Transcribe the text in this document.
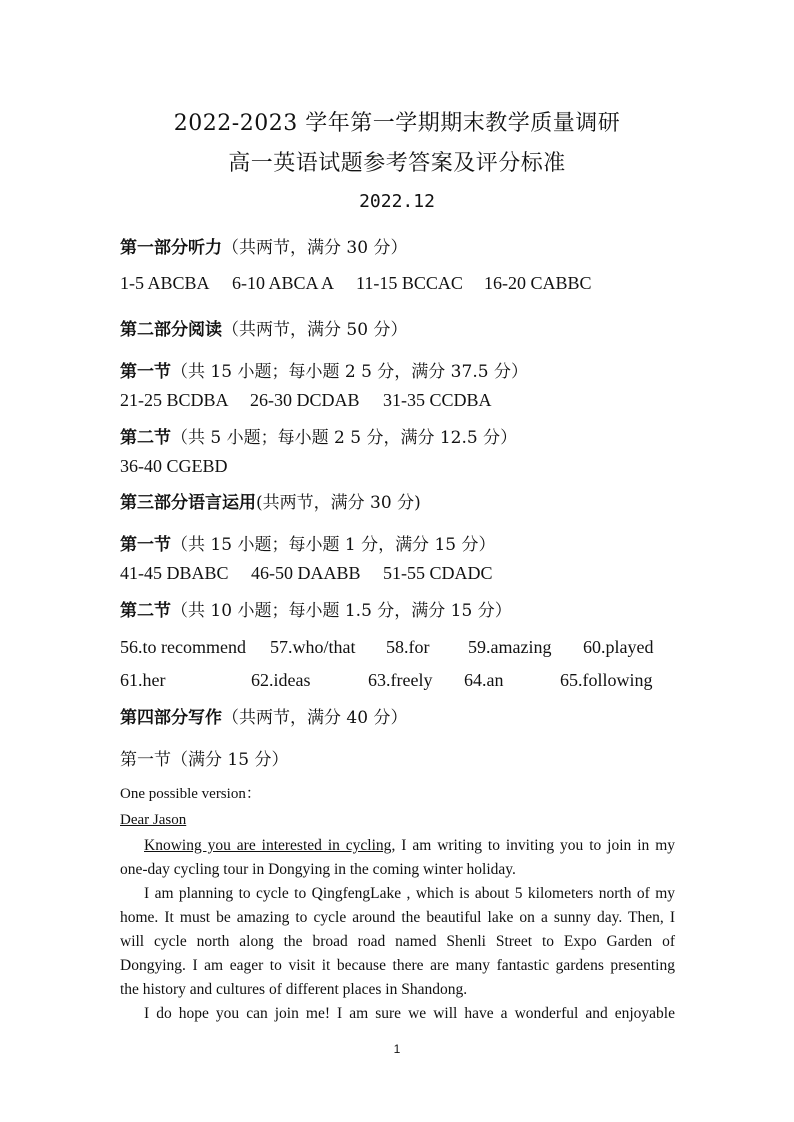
2022-2023 学年第一学期期末教学质量调研
高一英语试题参考答案及评分标准
2022.12
第一部分听力（共两节，满分 30 分）
1-5 ABCBA 6-10 ABCA A 11-15 BCCAC 16-20 CABBC
第二部分阅读（共两节，满分 50 分）
第一节（共 15 小题；每小题 2 5 分，满分 37.5 分）
21-25 BCDBA 26-30 DCDAB 31-35 CCDBA
第二节（共 5 小题；每小题 2 5 分，满分 12.5 分）
36-40 CGEBD
第三部分语言运用(共两节，满分 30 分)
第一节（共 15 小题；每小题 1 分，满分 15 分）
41-45 DBABC 46-50 DAABB 51-55 CDADC
第二节（共 10 小题；每小题 1.5 分，满分 15 分）
56.to recommend 57.who/that 58.for 59.amazing 60.played
61.her	62.ideas	63.freely 64.an	65.following
第四部分写作（共两节，满分 40 分）
第一节（满分 15 分）
One possible version：
Dear Jason

Knowing you are interested in cycling, I am writing to inviting you to join in my

one-day cycling tour in Dongying in the coming winter holiday.

I am planning to cycle to QingfengLake , which is about 5 kilometers north of my

home. It must be amazing to cycle around the beautiful lake on a sunny day. Then, I

will cycle north along the broad road named Shenli Street to Expo Garden of

Dongying. I am eager to visit it because there are many fantastic gardens presenting

the history and cultures of different places in Shandong.

I do hope you can join me! I am sure we will have a wonderful and enjoyable

1
